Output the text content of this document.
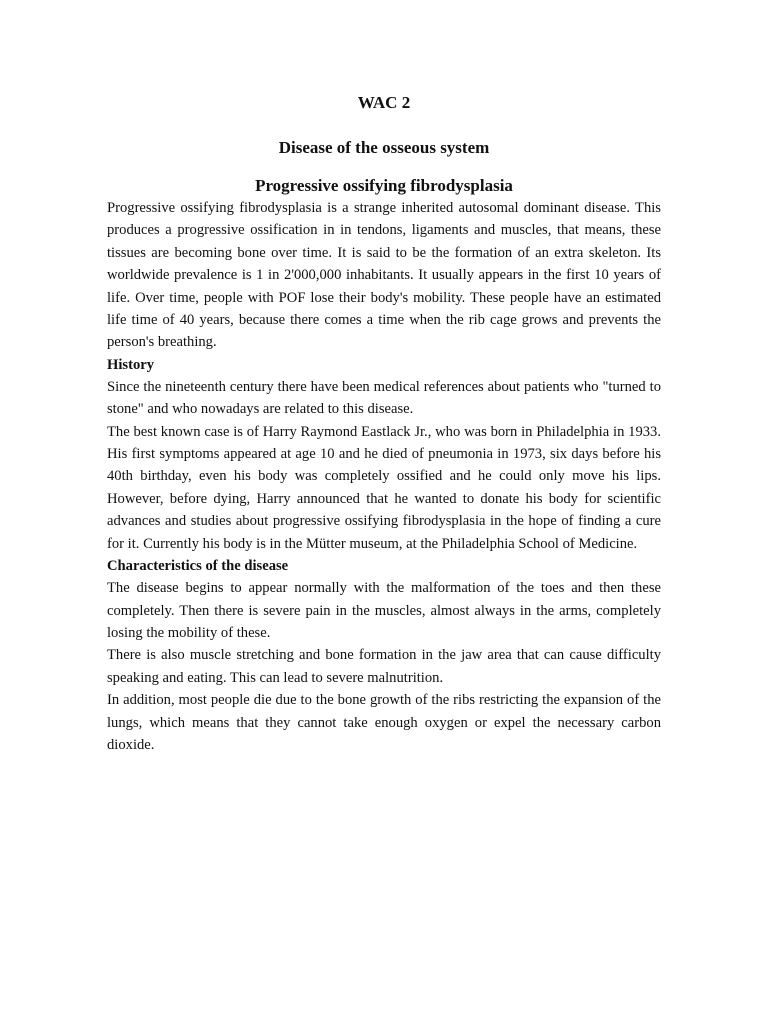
WAC 2
Disease of the osseous system
Progressive ossifying fibrodysplasia

Progressive ossifying fibrodysplasia is a strange inherited autosomal dominant disease. This produces a progressive ossification in in tendons, ligaments and muscles, that means, these tissues are becoming bone over time. It is said to be the formation of an extra skeleton. Its worldwide prevalence is 1 in 2'000,000 inhabitants. It usually appears in the first 10 years of life. Over time, people with POF lose their body's mobility. These people have an estimated life time of 40 years, because there comes a time when the rib cage grows and prevents the person's breathing.

History

Since the nineteenth century there have been medical references about patients who "turned to stone" and who nowadays are related to this disease.

The best known case is of Harry Raymond Eastlack Jr., who was born in Philadelphia in 1933. His first symptoms appeared at age 10 and he died of pneumonia in 1973, six days before his 40th birthday, even his body was completely ossified and he could only move his lips. However, before dying, Harry announced that he wanted to donate his body for scientific advances and studies about progressive ossifying fibrodysplasia in the hope of finding a cure for it. Currently his body is in the Mütter museum, at the Philadelphia School of Medicine.

Characteristics of the disease

The disease begins to appear normally with the malformation of the toes and then these completely. Then there is severe pain in the muscles, almost always in the arms, completely losing the mobility of these.

There is also muscle stretching and bone formation in the jaw area that can cause difficulty speaking and eating. This can lead to severe malnutrition.

In addition, most people die due to the bone growth of the ribs restricting the expansion of the lungs, which means that they cannot take enough oxygen or expel the necessary carbon dioxide.
